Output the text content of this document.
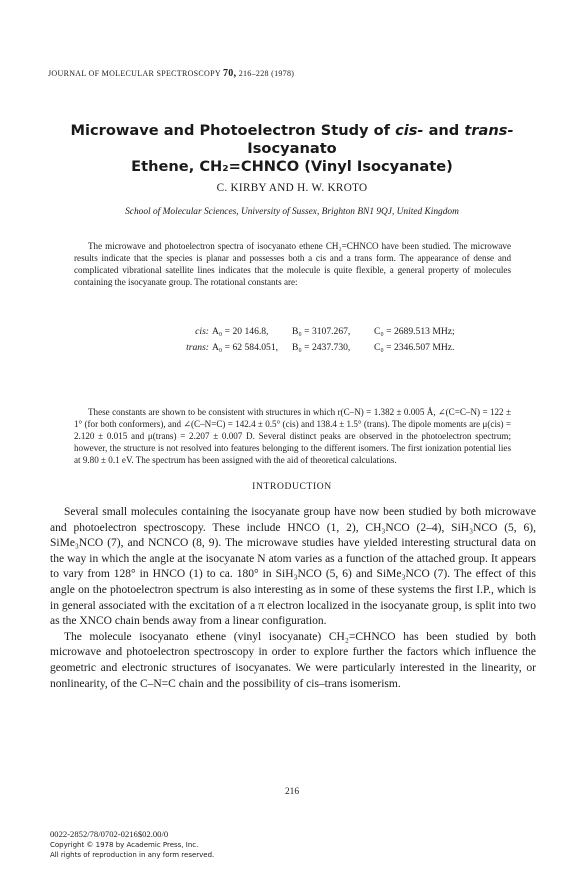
JOURNAL OF MOLECULAR SPECTROSCOPY 70, 216–228 (1978)
Microwave and Photoelectron Study of cis- and trans-Isocyanato
Ethene, CH₂=CHNCO (Vinyl Isocyanate)
C. KIRBY AND H. W. KROTO
School of Molecular Sciences, University of Sussex, Brighton BN1 9QJ, United Kingdom

The microwave and photoelectron spectra of isocyanato ethene CH₂=CHNCO have been studied. The microwave results indicate that the species is planar and possesses both a cis and a trans form. The appearance of dense and complicated vibrational satellite lines indicates that the molecule is quite flexible, a general property of molecules containing the isocyanate group. The rotational constants are:

cis: A₀ = 20 146.8, B₀ = 3107.267, C₀ = 2689.513 MHz;
trans: A₀ = 62 584.051, B₀ = 2437.730, C₀ = 2346.507 MHz.

These constants are shown to be consistent with structures in which r(C–N) = 1.382 ± 0.005 Å, ∠(C=C–N) = 122 ± 1° (for both conformers), and ∠(C–N=C) = 142.4 ± 0.5° (cis) and 138.4 ± 1.5° (trans). The dipole moments are μ(cis) = 2.120 ± 0.015 and μ(trans) = 2.207 ± 0.007 D. Several distinct peaks are observed in the photoelectron spectrum; however, the structure is not resolved into features belonging to the different isomers. The first ionization potential lies at 9.80 ± 0.1 eV. The spectrum has been assigned with the aid of theoretical calculations.

INTRODUCTION

Several small molecules containing the isocyanate group have now been studied by both microwave and photoelectron spectroscopy. These include HNCO (1, 2), CH₃NCO (2–4), SiH₃NCO (5, 6), SiMe₃NCO (7), and NCNCO (8, 9). The microwave studies have yielded interesting structural data on the way in which the angle at the isocyanate N atom varies as a function of the attached group. It appears to vary from 128° in HNCO (1) to ca. 180° in SiH₃NCO (5, 6) and SiMe₃NCO (7). The effect of this angle on the photoelectron spectrum is also interesting as in some of these systems the first I.P., which is in general associated with the excitation of a π electron localized in the isocyanate group, is split into two as the XNCO chain bends away from a linear configuration.

The molecule isocyanato ethene (vinyl isocyanate) CH₂=CHNCO has been studied by both microwave and photoelectron spectroscopy in order to explore further the factors which influence the geometric and electronic structures of isocyanates. We were particularly interested in the linearity, or nonlinearity, of the C–N=C chain and the possibility of cis–trans isomerism.

216
0022-2852/78/0702-0216$02.00/0
Copyright © 1978 by Academic Press, Inc.
All rights of reproduction in any form reserved.
